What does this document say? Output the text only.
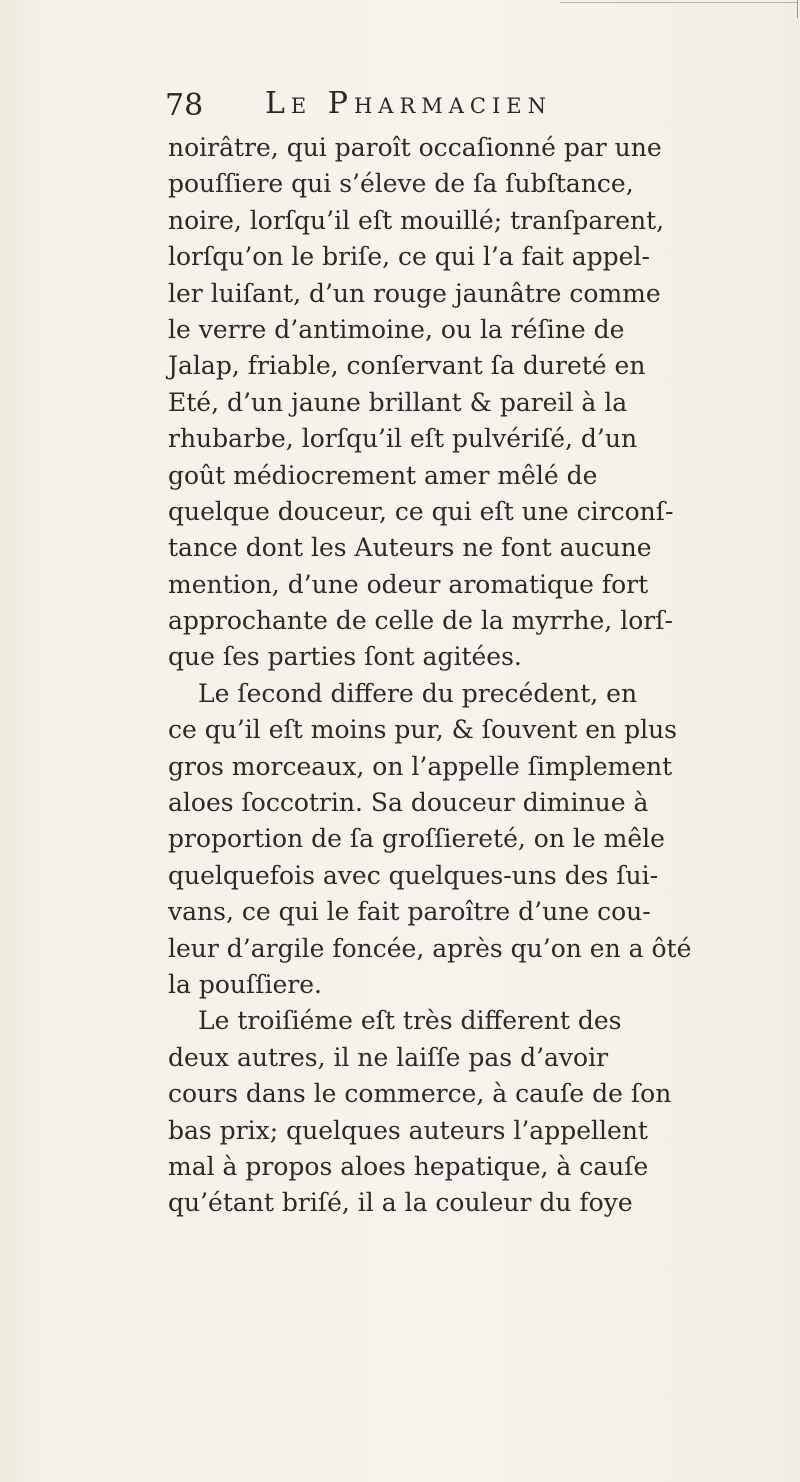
78 Le Pharmacien
noirâtre, qui paroît occaſionné par une
pouſſiere qui s’éleve de ſa ſubſtance,
noire, lorſqu’il eſt mouillé; tranſparent,
lorſqu’on le briſe, ce qui l’a fait appel-
ler luiſant, d’un rouge jaunâtre comme
le verre d’antimoine, ou la réſine de
Jalap, friable, conſervant ſa dureté en
Eté, d’un jaune brillant & pareil à la
rhubarbe, lorſqu’il eſt pulvériſé, d’un
goût médiocrement amer mêlé de
quelque douceur, ce qui eſt une circonſ-
tance dont les Auteurs ne font aucune
mention, d’une odeur aromatique fort
approchante de celle de la myrrhe, lorſ-
que ſes parties ſont agitées.
Le ſecond differe du precédent, en
ce qu’il eſt moins pur, & ſouvent en plus
gros morceaux, on l’appelle ſimplement
aloes ſoccotrin. Sa douceur diminue à
proportion de ſa groſſiereté, on le mêle
quelquefois avec quelques-uns des ſui-
vans, ce qui le fait paroître d’une cou-
leur d’argile foncée, après qu’on en a ôté
la pouſſiere.
Le troiſiéme eſt très different des
deux autres, il ne laiſſe pas d’avoir
cours dans le commerce, à cauſe de ſon
bas prix; quelques auteurs l’appellent
mal à propos aloes hepatique, à cauſe
qu’étant briſé, il a la couleur du foye
